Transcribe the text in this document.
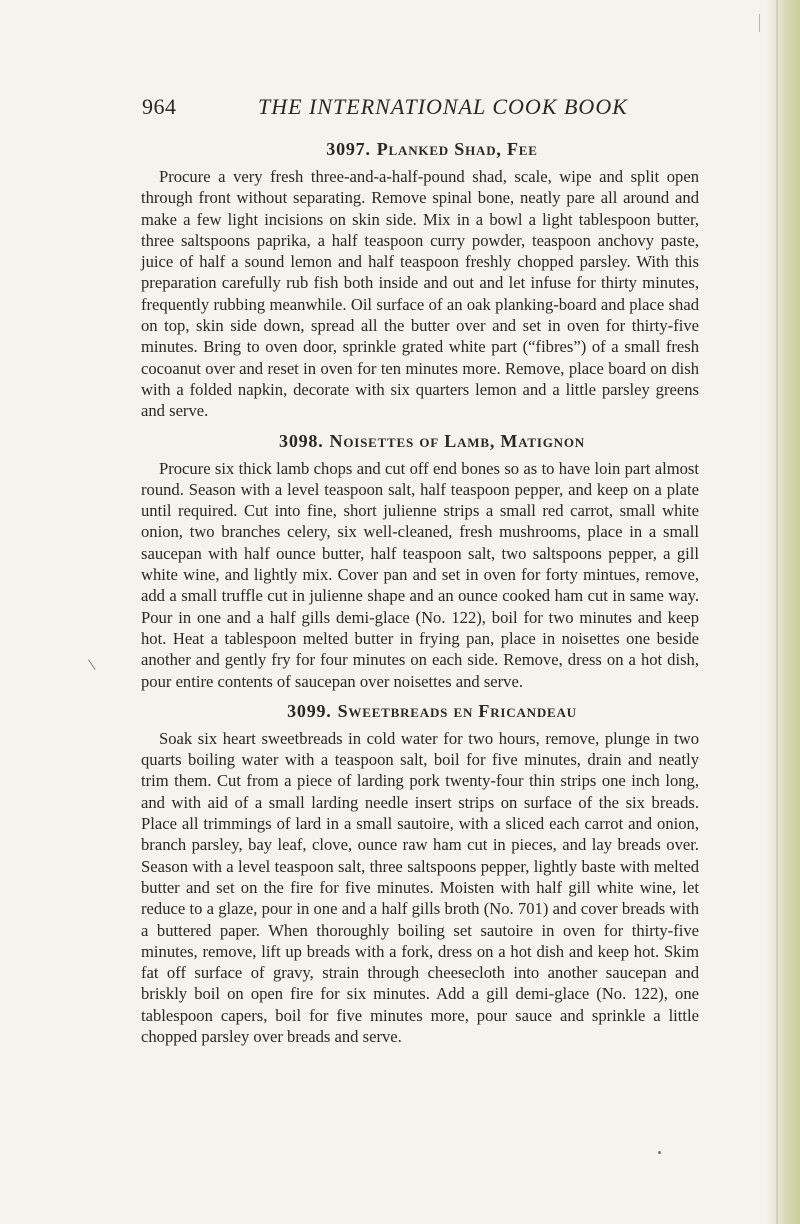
964	THE INTERNATIONAL COOK BOOK
3097. Planked Shad, Fee

Procure a very fresh three-and-a-half-pound shad, scale, wipe and split open through front without separating. Remove spinal bone, neatly pare all around and make a few light incisions on skin side. Mix in a bowl a light tablespoon butter, three saltspoons paprika, a half teaspoon curry powder, teaspoon anchovy paste, juice of half a sound lemon and half teaspoon freshly chopped parsley. With this preparation carefully rub fish both inside and out and let infuse for thirty minutes, frequently rubbing meanwhile. Oil surface of an oak planking-board and place shad on top, skin side down, spread all the butter over and set in oven for thirty-five minutes. Bring to oven door, sprinkle grated white part (“fibres”) of a small fresh cocoanut over and reset in oven for ten minutes more. Remove, place board on dish with a folded napkin, decorate with six quarters lemon and a little parsley greens and serve.

3098. Noisettes of Lamb, Matignon

Procure six thick lamb chops and cut off end bones so as to have loin part almost round. Season with a level teaspoon salt, half teaspoon pepper, and keep on a plate until required. Cut into fine, short julienne strips a small red carrot, small white onion, two branches celery, six well-cleaned, fresh mushrooms, place in a small saucepan with half ounce butter, half teaspoon salt, two saltspoons pepper, a gill white wine, and lightly mix. Cover pan and set in oven for forty mintues, remove, add a small truffle cut in julienne shape and an ounce cooked ham cut in same way. Pour in one and a half gills demi-glace (No. 122), boil for two minutes and keep hot. Heat a tablespoon melted butter in frying pan, place in noisettes one beside another and gently fry for four minutes on each side. Remove, dress on a hot dish, pour entire contents of saucepan over noisettes and serve.

3099. Sweetbreads en Fricandeau

Soak six heart sweetbreads in cold water for two hours, remove, plunge in two quarts boiling water with a teaspoon salt, boil for five minutes, drain and neatly trim them. Cut from a piece of larding pork twenty-four thin strips one inch long, and with aid of a small larding needle insert strips on surface of the six breads. Place all trimmings of lard in a small sautoire, with a sliced each carrot and onion, branch parsley, bay leaf, clove, ounce raw ham cut in pieces, and lay breads over. Season with a level teaspoon salt, three saltspoons pepper, lightly baste with melted butter and set on the fire for five minutes. Moisten with half gill white wine, let reduce to a glaze, pour in one and a half gills broth (No. 701) and cover breads with a buttered paper. When thoroughly boiling set sautoire in oven for thirty-five minutes, remove, lift up breads with a fork, dress on a hot dish and keep hot. Skim fat off surface of gravy, strain through cheesecloth into another saucepan and briskly boil on open fire for six minutes. Add a gill demi-glace (No. 122), one tablespoon capers, boil for five minutes more, pour sauce and sprinkle a little chopped parsley over breads and serve.
